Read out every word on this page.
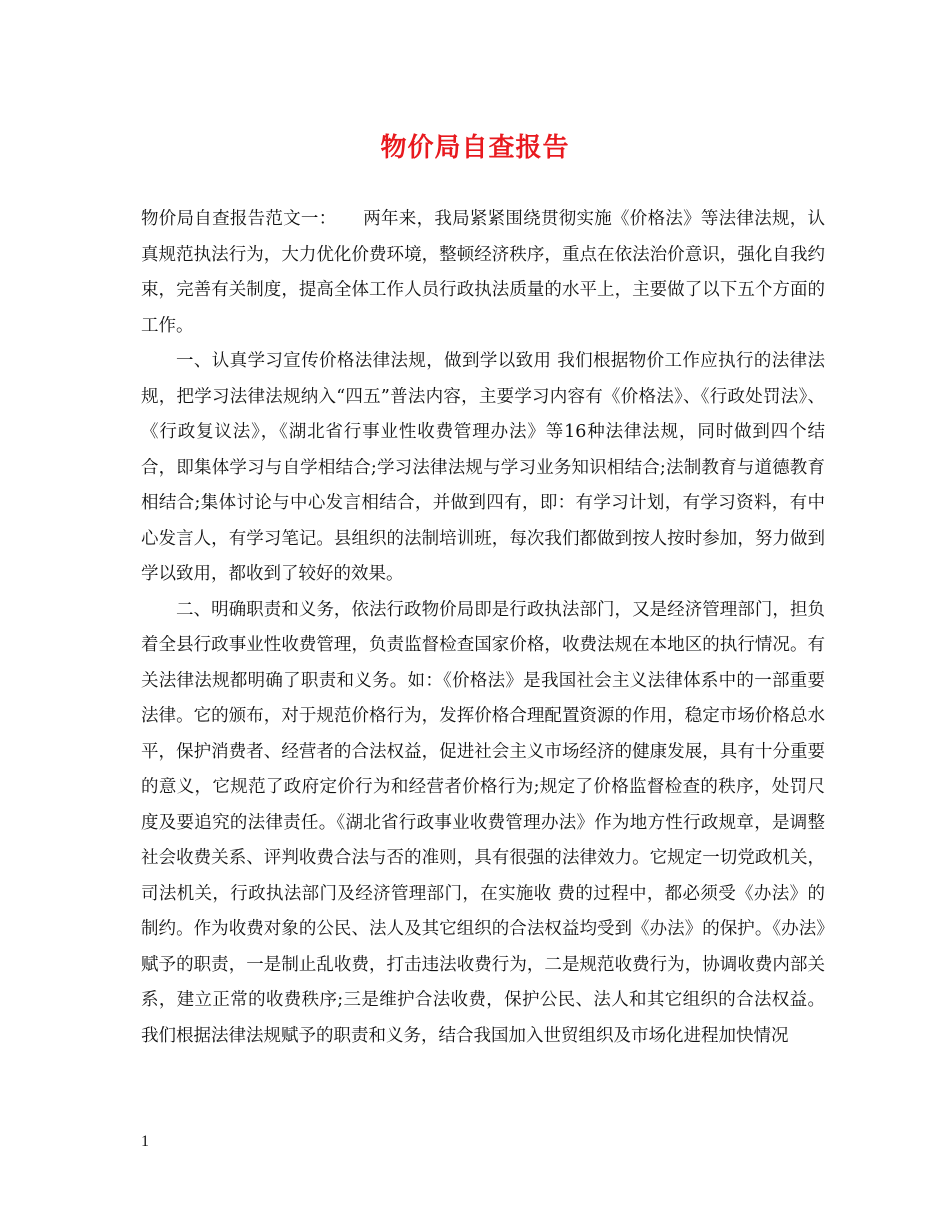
物价局自查报告

物价局自查报告范文一：　　两年来，我局紧紧围绕贯彻实施《价格法》等法律法规，认真规范执法行为，大力优化价费环境，整顿经济秩序，重点在依法治价意识，强化自我约束，完善有关制度，提高全体工作人员行政执法质量的水平上，主要做了以下五个方面的工作。

一、认真学习宣传价格法律法规，做到学以致用 我们根据物价工作应执行的法律法规，把学习法律法规纳入“四五”普法内容，主要学习内容有《价格法》、《行政处罚法》、《行政复议法》，《湖北省行事业性收费管理办法》等16种法律法规，同时做到四个结合，即集体学习与自学相结合;学习法律法规与学习业务知识相结合;法制教育与道德教育相结合;集体讨论与中心发言相结合，并做到四有，即：有学习计划，有学习资料，有中心发言人，有学习笔记。县组织的法制培训班，每次我们都做到按人按时参加，努力做到学以致用，都收到了较好的效果。

二、明确职责和义务，依法行政物价局即是行政执法部门，又是经济管理部门，担负着全县行政事业性收费管理，负责监督检查国家价格，收费法规在本地区的执行情况。有关法律法规都明确了职责和义务。如：《价格法》是我国社会主义法律体系中的一部重要法律。它的颁布，对于规范价格行为，发挥价格合理配置资源的作用，稳定市场价格总水平，保护消费者、经营者的合法权益，促进社会主义市场经济的健康发展，具有十分重要的意义，它规范了政府定价行为和经营者价格行为;规定了价格监督检查的秩序，处罚尺度及要追究的法律责任。《湖北省行政事业收费管理办法》作为地方性行政规章，是调整社会收费关系、评判收费合法与否的准则，具有很强的法律效力。它规定一切党政机关，司法机关，行政执法部门及经济管理部门，在实施收 费的过程中，都必须受《办法》的制约。作为收费对象的公民、法人及其它组织的合法权益均受到《办法》的保护。《办法》赋予的职责，一是制止乱收费，打击违法收费行为，二是规范收费行为，协调收费内部关系，建立正常的收费秩序;三是维护合法收费，保护公民、法人和其它组织的合法权益。我们根据法律法规赋予的职责和义务，结合我国加入世贸组织及市场化进程加快情况

1
